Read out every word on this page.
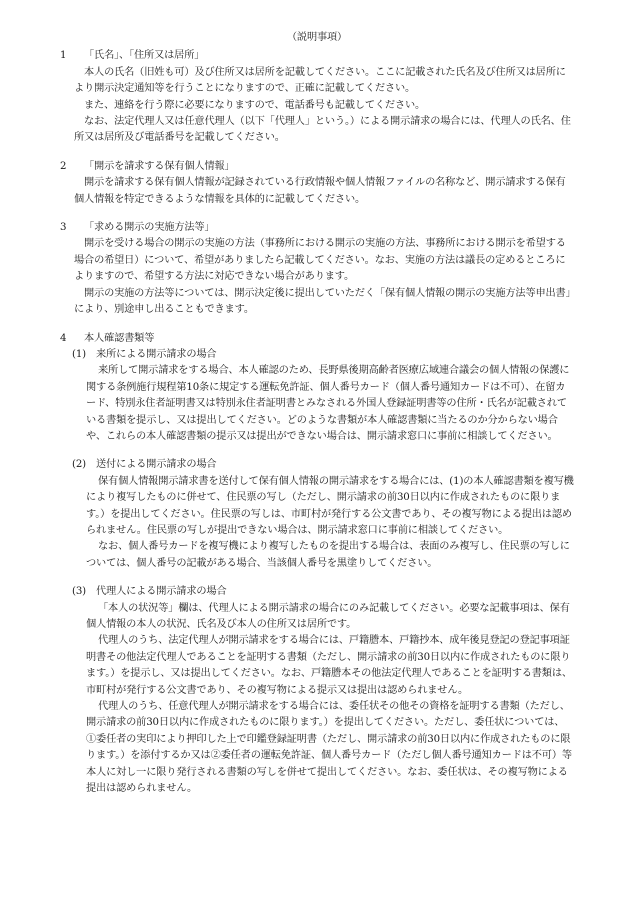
（説明事項）
1	「氏名」、「住所又は居所」

本人の氏名（旧姓も可）及び住所又は居所を記載してください。ここに記載された氏名及び住所又は居所により開示決定通知等を行うことになりますので、正確に記載してください。

また、連絡を行う際に必要になりますので、電話番号も記載してください。

なお、法定代理人又は任意代理人（以下「代理人」という。）による開示請求の場合には、代理人の氏名、住所又は居所及び電話番号を記載してください。

2	「開示を請求する保有個人情報」

開示を請求する保有個人情報が記録されている行政情報や個人情報ファイルの名称など、開示請求する保有個人情報を特定できるような情報を具体的に記載してください。

3	「求める開示の実施方法等」

開示を受ける場合の開示の実施の方法（事務所における開示の実施の方法、事務所における開示を希望する場合の希望日）について、希望がありましたら記載してください。なお、実施の方法は議長の定めるところによりますので、希望する方法に対応できない場合があります。

開示の実施の方法等については、開示決定後に提出していただく「保有個人情報の開示の実施方法等申出書」により、別途申し出ることもできます。

4	本人確認書類等
(1) 来所による開示請求の場合

来所して開示請求をする場合、本人確認のため、長野県後期高齢者医療広域連合議会の個人情報の保護に関する条例施行規程第10条に規定する運転免許証、個人番号カード（個人番号通知カードは不可）、在留カード、特別永住者証明書又は特別永住者証明書とみなされる外国人登録証明書等の住所・氏名が記載されている書類を提示し、又は提出してください。どのような書類が本人確認書類に当たるのか分からない場合や、これらの本人確認書類の提示又は提出ができない場合は、開示請求窓口に事前に相談してください。

(2) 送付による開示請求の場合

保有個人情報開示請求書を送付して保有個人情報の開示請求をする場合には、(1)の本人確認書類を複写機により複写したものに併せて、住民票の写し（ただし、開示請求の前30日以内に作成されたものに限ります。）を提出してください。住民票の写しは、市町村が発行する公文書であり、その複写物による提出は認められません。住民票の写しが提出できない場合は、開示請求窓口に事前に相談してください。

なお、個人番号カードを複写機により複写したものを提出する場合は、表面のみ複写し、住民票の写しについては、個人番号の記載がある場合、当該個人番号を黒塗りしてください。

(3) 代理人による開示請求の場合

「本人の状況等」欄は、代理人による開示請求の場合にのみ記載してください。必要な記載事項は、保有個人情報の本人の状況、氏名及び本人の住所又は居所です。

代理人のうち、法定代理人が開示請求をする場合には、戸籍謄本、戸籍抄本、成年後見登記の登記事項証明書その他法定代理人であることを証明する書類（ただし、開示請求の前30日以内に作成されたものに限ります。）を提示し、又は提出してください。なお、戸籍謄本その他法定代理人であることを証明する書類は、市町村が発行する公文書であり、その複写物による提示又は提出は認められません。

代理人のうち、任意代理人が開示請求をする場合には、委任状その他その資格を証明する書類（ただし、開示請求の前30日以内に作成されたものに限ります。）を提出してください。ただし、委任状については、①委任者の実印により押印した上で印鑑登録証明書（ただし、開示請求の前30日以内に作成されたものに限ります。）を添付するか又は②委任者の運転免許証、個人番号カード（ただし個人番号通知カードは不可）等本人に対し一に限り発行される書類の写しを併せて提出してください。なお、委任状は、その複写物による提出は認められません。
